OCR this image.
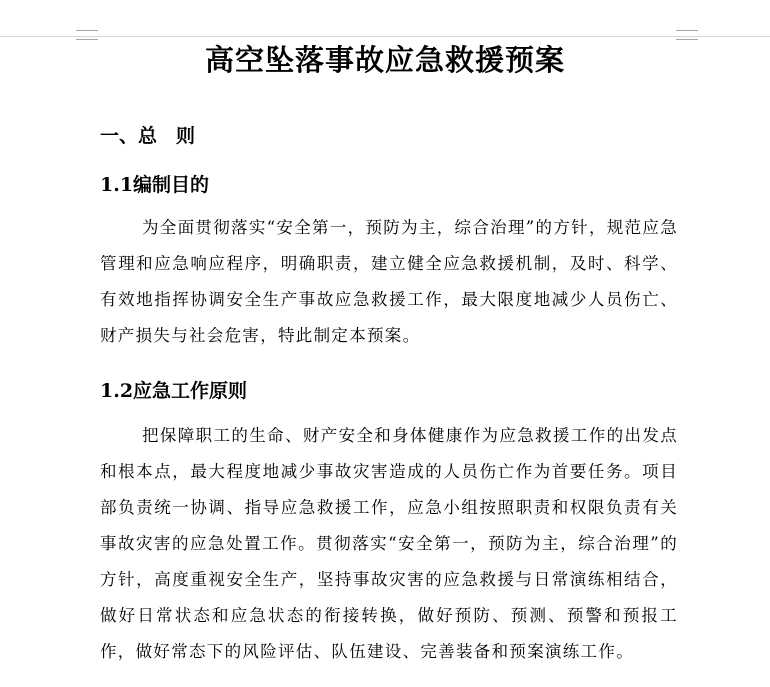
高空坠落事故应急救援预案
一、总　则
1.1编制目的

为全面贯彻落实“安全第一，预防为主，综合治理”的方针，规范应急管理和应急响应程序，明确职责，建立健全应急救援机制，及时、科学、有效地指挥协调安全生产事故应急救援工作，最大限度地减少人员伤亡、财产损失与社会危害，特此制定本预案。

1.2应急工作原则

把保障职工的生命、财产安全和身体健康作为应急救援工作的出发点和根本点，最大程度地减少事故灾害造成的人员伤亡作为首要任务。项目部负责统一协调、指导应急救援工作，应急小组按照职责和权限负责有关事故灾害的应急处置工作。贯彻落实“安全第一，预防为主，综合治理”的方针，高度重视安全生产，坚持事故灾害的应急救援与日常演练相结合，做好日常状态和应急状态的衔接转换，做好预防、预测、预警和预报工作，做好常态下的风险评估、队伍建设、完善装备和预案演练工作。
